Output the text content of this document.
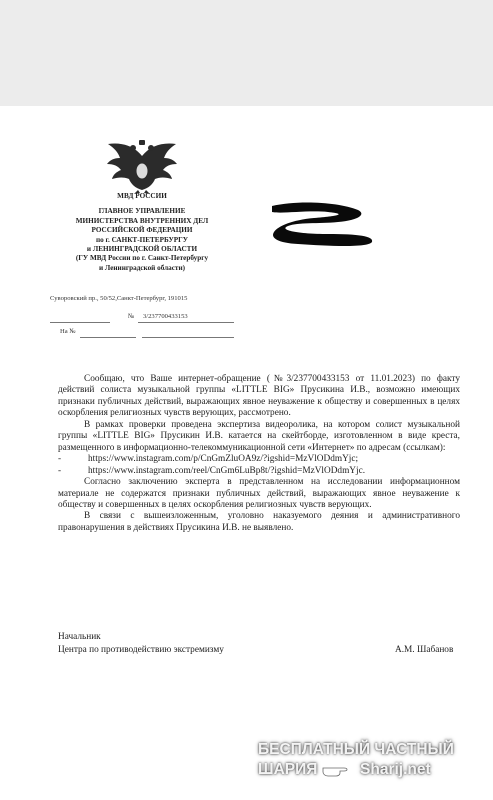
МВД РОССИИ
ГЛАВНОЕ УПРАВЛЕНИЕ
МИНИСТЕРСТВА ВНУТРЕННИХ ДЕЛ
РОССИЙСКОЙ ФЕДЕРАЦИИ
по г. САНКТ-ПЕТЕРБУРГУ
и ЛЕНИНГРАДСКОЙ ОБЛАСТИ
(ГУ МВД России по г. Санкт-Петербургу
и Ленинградской области)
Суворовский пр., 50/52,Санкт-Петербург, 191015
№ 3/237700433153
На №
Сообщаю, что Ваше интернет-обращение (№3/237700433153 от 11.01.2023) по факту действий солиста музыкальной группы «LITTLE BIG» Прусикина И.В., возможно имеющих признаки публичных действий, выражающих явное неуважение к обществу и совершенных в целях оскорбления религиозных чувств верующих, рассмотрено.
В рамках проверки проведена экспертиза видеоролика, на котором солист музыкальной группы «LITTLE BIG» Прусикин И.В. катается на скейтборде, изготовленном в виде креста, размещенного в информационно-телекоммуникационной сети «Интернет» по адресам (ссылкам):
-	https://www.instagram.com/p/CnGmZluOA9z/?igshid=MzVlODdmYjc;
-	https://www.instagram.com/reel/CnGm6LuBp8t/?igshid=MzVlODdmYjc.
Согласно заключению эксперта в представленном на исследовании информационном материале не содержатся признаки публичных действий, выражающих явное неуважение к обществу и совершенных в целях оскорбления религиозных чувств верующих.
В связи с вышеизложенным, уголовно наказуемого деяния и административного правонарушения в действиях Прусикина И.В. не выявлено.
Начальник
Центра по противодействию экстремизму	А.М. Шабанов
БЕСПЛАТНЫЙ ЧАСТНЫЙ
ШАРИЯ	Sharij.net
